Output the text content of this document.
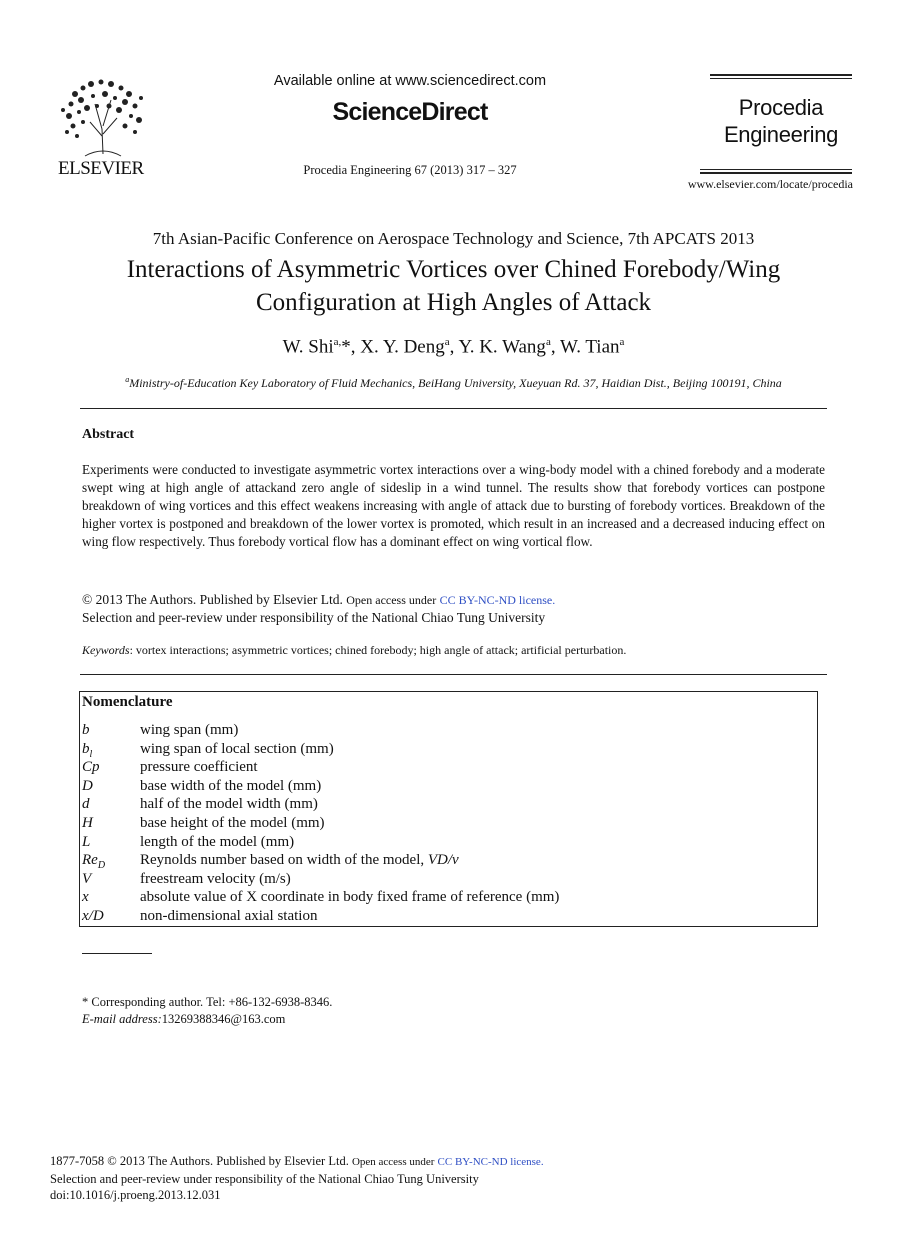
ELSEVIER
Available online at www.sciencedirect.com
ScienceDirect
Procedia Engineering 67 (2013) 317 – 327
Procedia Engineering
www.elsevier.com/locate/procedia
7th Asian-Pacific Conference on Aerospace Technology and Science, 7th APCATS 2013
Interactions of Asymmetric Vortices over Chined Forebody/Wing Configuration at High Angles of Attack
W. Shi$^{a,}$*, X. Y. Deng$^a$, Y. K. Wang$^a$, W. Tian$^a$
$^a$Ministry-of-Education Key Laboratory of Fluid Mechanics, BeiHang University, Xueyuan Rd. 37, Haidian Dist., Beijing 100191, China
Abstract
Experiments were conducted to investigate asymmetric vortex interactions over a wing-body model with a chined forebody and a moderate swept wing at high angle of attackand zero angle of sideslip in a wind tunnel. The results show that forebody vortices can postpone breakdown of wing vortices and this effect weakens increasing with angle of attack due to bursting of forebody vortices. Breakdown of the higher vortex is postponed and breakdown of the lower vortex is promoted, which result in an increased and a decreased inducing effect on wing flow respectively. Thus forebody vortical flow has a dominant effect on wing vortical flow.
© 2013 The Authors. Published by Elsevier Ltd. Open access under CC BY-NC-ND license.
Selection and peer-review under responsibility of the National Chiao Tung University
Keywords: vortex interactions; asymmetric vortices; chined forebody; high angle of attack; artificial perturbation.
Nomenclature
b	wing span (mm)
$b_l$	wing span of local section (mm)
Cp	pressure coefficient
D	base width of the model (mm)
d	half of the model width (mm)
H	base height of the model (mm)
L	length of the model (mm)
$Re_D$ Reynolds number based on width of the model, VD/ν
V	freestream velocity (m/s)
x	absolute value of X coordinate in body fixed frame of reference (mm)
x/D non-dimensional axial station
* Corresponding author. Tel: +86-132-6938-8346.
E-mail address:13269388346@163.com
1877-7058 © 2013 The Authors. Published by Elsevier Ltd. Open access under CC BY-NC-ND license.
Selection and peer-review under responsibility of the National Chiao Tung University
doi:10.1016/j.proeng.2013.12.031
